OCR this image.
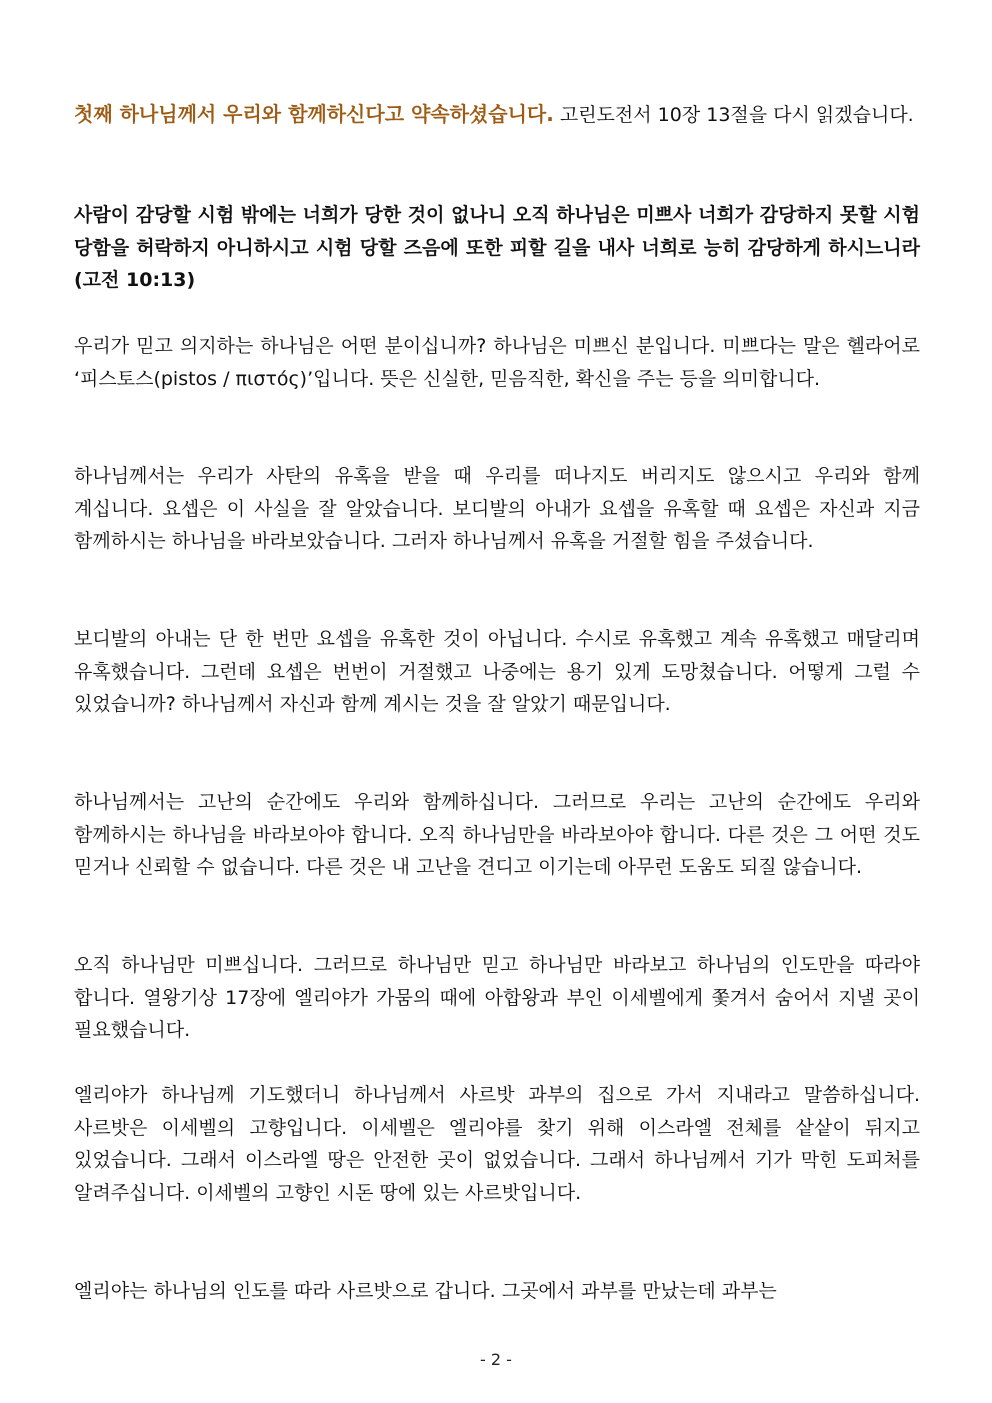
첫째 하나님께서 우리와 함께하신다고 약속하셨습니다. 고린도전서 10장 13절을 다시 읽겠습니다.

사람이 감당할 시험 밖에는 너희가 당한 것이 없나니 오직 하나님은 미쁘사 너희가 감당하지 못할 시험 당함을 허락하지 아니하시고 시험 당할 즈음에 또한 피할 길을 내사 너희로 능히 감당하게 하시느니라 (고전 10:13)

우리가 믿고 의지하는 하나님은 어떤 분이십니까? 하나님은 미쁘신 분입니다. 미쁘다는 말은 헬라어로 ‘피스토스(pistos / πιστός)’입니다. 뜻은 신실한, 믿음직한, 확신을 주는 등을 의미합니다.

하나님께서는 우리가 사탄의 유혹을 받을 때 우리를 떠나지도 버리지도 않으시고 우리와 함께 계십니다. 요셉은 이 사실을 잘 알았습니다. 보디발의 아내가 요셉을 유혹할 때 요셉은 자신과 지금 함께하시는 하나님을 바라보았습니다. 그러자 하나님께서 유혹을 거절할 힘을 주셨습니다.

보디발의 아내는 단 한 번만 요셉을 유혹한 것이 아닙니다. 수시로 유혹했고 계속 유혹했고 매달리며 유혹했습니다. 그런데 요셉은 번번이 거절했고 나중에는 용기 있게 도망쳤습니다. 어떻게 그럴 수 있었습니까? 하나님께서 자신과 함께 계시는 것을 잘 알았기 때문입니다.

하나님께서는 고난의 순간에도 우리와 함께하십니다. 그러므로 우리는 고난의 순간에도 우리와 함께하시는 하나님을 바라보아야 합니다. 오직 하나님만을 바라보아야 합니다. 다른 것은 그 어떤 것도 믿거나 신뢰할 수 없습니다. 다른 것은 내 고난을 견디고 이기는데 아무런 도움도 되질 않습니다.

오직 하나님만 미쁘십니다. 그러므로 하나님만 믿고 하나님만 바라보고 하나님의 인도만을 따라야 합니다. 열왕기상 17장에 엘리야가 가뭄의 때에 아합왕과 부인 이세벨에게 쫓겨서 숨어서 지낼 곳이 필요했습니다.

엘리야가 하나님께 기도했더니 하나님께서 사르밧 과부의 집으로 가서 지내라고 말씀하십니다. 사르밧은 이세벨의 고향입니다. 이세벨은 엘리야를 찾기 위해 이스라엘 전체를 샅샅이 뒤지고 있었습니다. 그래서 이스라엘 땅은 안전한 곳이 없었습니다. 그래서 하나님께서 기가 막힌 도피처를 알려주십니다. 이세벨의 고향인 시돈 땅에 있는 사르밧입니다.

엘리야는 하나님의 인도를 따라 사르밧으로 갑니다. 그곳에서 과부를 만났는데 과부는

- 2 -
